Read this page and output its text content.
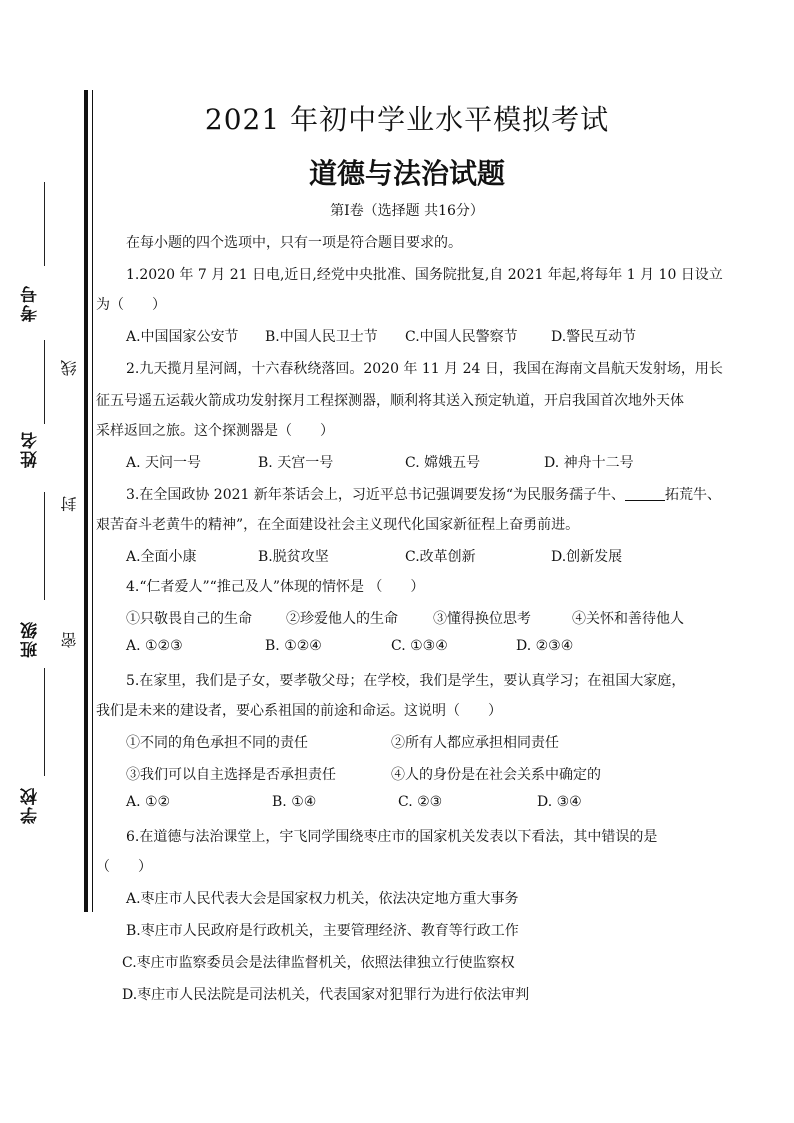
考号
姓名
班级
学校
线
封
密
2021 年初中学业水平模拟考试
道德与法治试题
第Ⅰ卷（选择题 共16分）
在每小题的四个选项中，只有一项是符合题目要求的。
1.2020 年 7 月 21 日电,近日,经党中央批准、国务院批复,自 2021 年起,将每年 1 月 10 日设立
为（　　）
A.中国国家公安节 B.中国人民卫士节 C.中国人民警察节 D.警民互动节
2.九天揽月星河阔，十六春秋绕落回。2020 年 11 月 24 日，我国在海南文昌航天发射场，用长
征五号遥五运载火箭成功发射探月工程探测器，顺利将其送入预定轨道，开启我国首次地外天体
采样返回之旅。这个探测器是（　　）
A. 天问一号	B. 天宫一号	C. 嫦娥五号	D. 神舟十二号
3.在全国政协 2021 新年茶话会上，习近平总书记强调要发扬“为民服务孺子牛、	拓荒牛、
艰苦奋斗老黄牛的精神”，在全面建设社会主义现代化国家新征程上奋勇前进。
A.全面小康	B.脱贫攻坚	C.改革创新	D.创新发展
4.“仁者爱人”“推己及人”体现的情怀是 （　　）
①只敬畏自己的生命 ②珍爱他人的生命	③懂得换位思考	④关怀和善待他人
A. ①②③	B. ①②④	C. ①③④	D. ②③④
5.在家里，我们是子女，要孝敬父母；在学校，我们是学生，要认真学习；在祖国大家庭，
我们是未来的建设者，要心系祖国的前途和命运。这说明（　　）
①不同的角色承担不同的责任	②所有人都应承担相同责任
③我们可以自主选择是否承担责任	④人的身份是在社会关系中确定的
A. ①②	B. ①④	C. ②③	D. ③④
6.在道德与法治课堂上，宇飞同学围绕枣庄市的国家机关发表以下看法，其中错误的是
（　　）
A.枣庄市人民代表大会是国家权力机关，依法决定地方重大事务
B.枣庄市人民政府是行政机关，主要管理经济、教育等行政工作
C.枣庄市监察委员会是法律监督机关，依照法律独立行使监察权
D.枣庄市人民法院是司法机关，代表国家对犯罪行为进行依法审判
